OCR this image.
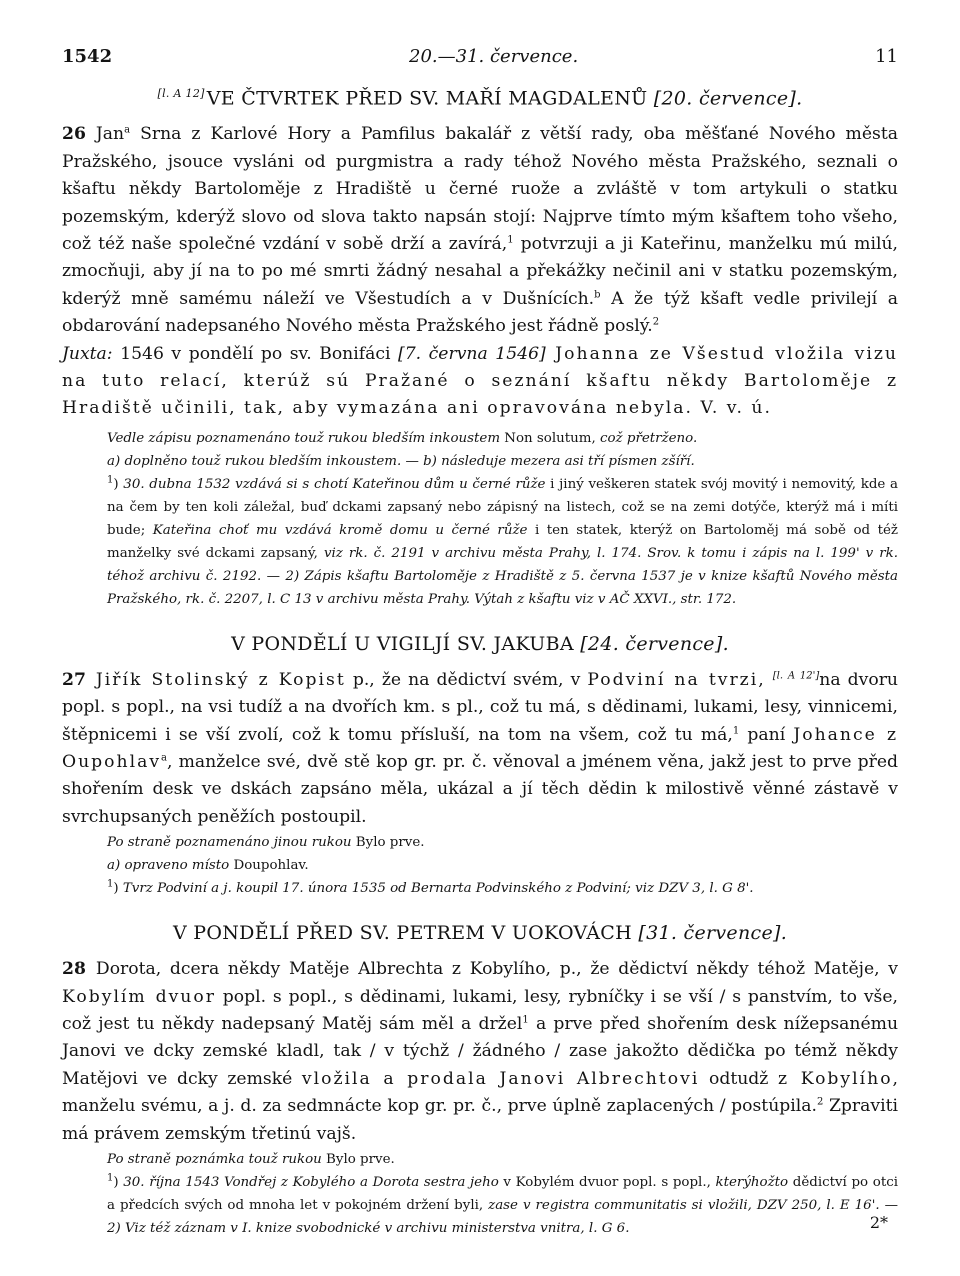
1542	20.—31. července.	11
[l. A 12] VE ČTVRTEK PŘED SV. MAŘÍ MAGDALENŮ [20. července].

26 Jan$^a$ Srna z Karlové Hory a Pamfilus bakalář z větší rady, oba měšťané Nového města Pražského, jsouce vysláni od purgmistra a rady téhož Nového města Pražského, seznali o kšaftu někdy Bartoloměje z Hradiště u černé ruože a zvláště v tom artykuli o statku pozemským, kderýž slovo od slova takto napsán stojí: Najprve tímto mým kšaftem toho všeho, což též naše společné vzdání v sobě drží a zavírá,$^1$ potvrzuji a ji Kateřinu, manželku mú milú, zmocňuji, aby jí na to po mé smrti žádný nesahal a překážky nečinil ani v statku pozemským, kderýž mně samému náleží ve Všestudích a v Dušnících.$^b$ A že týž kšaft vedle privilejí a obdarování nadepsaného Nového města Pražského jest řádně poslý.$^2$

Juxta: 1546 v pondělí po sv. Bonifáci [7. června 1546] Johanna ze Všestud vložila vizu na tuto relací, kterúž sú Pražané o seznání kšaftu někdy Bartoloměje z Hradiště učinili, tak, aby vymazána ani opravována nebyla. V. v. ú.

Vedle zápisu poznamenáno touž rukou bledším inkoustem Non solutum, což přetrženo.

a) doplněno touž rukou bledším inkoustem. — b) následuje mezera asi tří písmen zšíří.

$^1$) 30. dubna 1532 vzdává si s chotí Kateřinou dům u černé růže i jiný veškeren statek svój movitý i nemovitý, kde a na čem by ten koli záležal, buď dckami zapsaný nebo zápisný na listech, což se na zemi dotýče, kterýž má i míti bude; Kateřina choť mu vzdává kromě domu u černé růže i ten statek, kterýž on Bartoloměj má sobě od též manželky své dckami zapsaný, viz rk. č. 2191 v archivu města Prahy, l. 174. Srov. k tomu i zápis na l. 199' v rk. téhož archivu č. 2192. — 2) Zápis kšaftu Bartoloměje z Hradiště z 5. června 1537 je v knize kšaftů Nového města Pražského, rk. č. 2207, l. C 13 v archivu města Prahy. Výtah z kšaftu viz v AČ XXVI., str. 172.

V PONDĚLÍ U VIGILJÍ SV. JAKUBA [24. července].

27 Jiřík Stolinský z Kopist p., že na dědictví svém, v Podviní na tvrzi, [l. A 12']na dvoru popl. s popl., na vsi tudíž a na dvořích km. s pl., což tu má, s dědinami, lukami, lesy, vinnicemi, štěpnicemi i se vší zvolí, což k tomu přísluší, na tom na všem, což tu má,$^1$ paní Johance z Oupohlav$^a$, manželce své, dvě stě kop gr. pr. č. věnoval a jménem věna, jakž jest to prve před shořením desk ve dskách zapsáno měla, ukázal a jí těch dědin k milostivě věnné zástavě v svrchupsaných peněžích postoupil.

Po straně poznamenáno jinou rukou Bylo prve.

a) opraveno místo Doupohlav.

$^1$) Tvrz Podviní a j. koupil 17. února 1535 od Bernarta Podvinského z Podviní; viz DZV 3, l. G 8'.

V PONDĚLÍ PŘED SV. PETREM V UOKOVÁCH [31. července].

28 Dorota, dcera někdy Matěje Albrechta z Kobylího, p., že dědictví někdy téhož Matěje, v Kobylím dvuor popl. s popl., s dědinami, lukami, lesy, rybníčky i se vší / s panstvím, to vše, což jest tu někdy nadepsaný Matěj sám měl a držel$^1$ a prve před shořením desk nížepsanému Janovi ve dcky zemské kladl, tak / v týchž / žádného / zase jakožto dědička po témž někdy Matějovi ve dcky zemské vložila a prodala Janovi Albrechtovi odtudž z Kobylího, manželu svému, a j. d. za sedmnácte kop gr. pr. č., prve úplně zaplacených / postúpila.$^2$ Zpraviti má právem zemským třetinú vajš.

Po straně poznámka touž rukou Bylo prve.

$^1$) 30. října 1543 Vondřej z Kobylého a Dorota sestra jeho v Kobylém dvuor popl. s popl., kterýhožto dědictví po otci a předcích svých od mnoha let v pokojném držení byli, zase v registra communitatis si vložili, DZV 250, l. E 16'. — 2) Viz též záznam v I. knize svobodnické v archivu ministerstva vnitra, l. G 6.	2*
